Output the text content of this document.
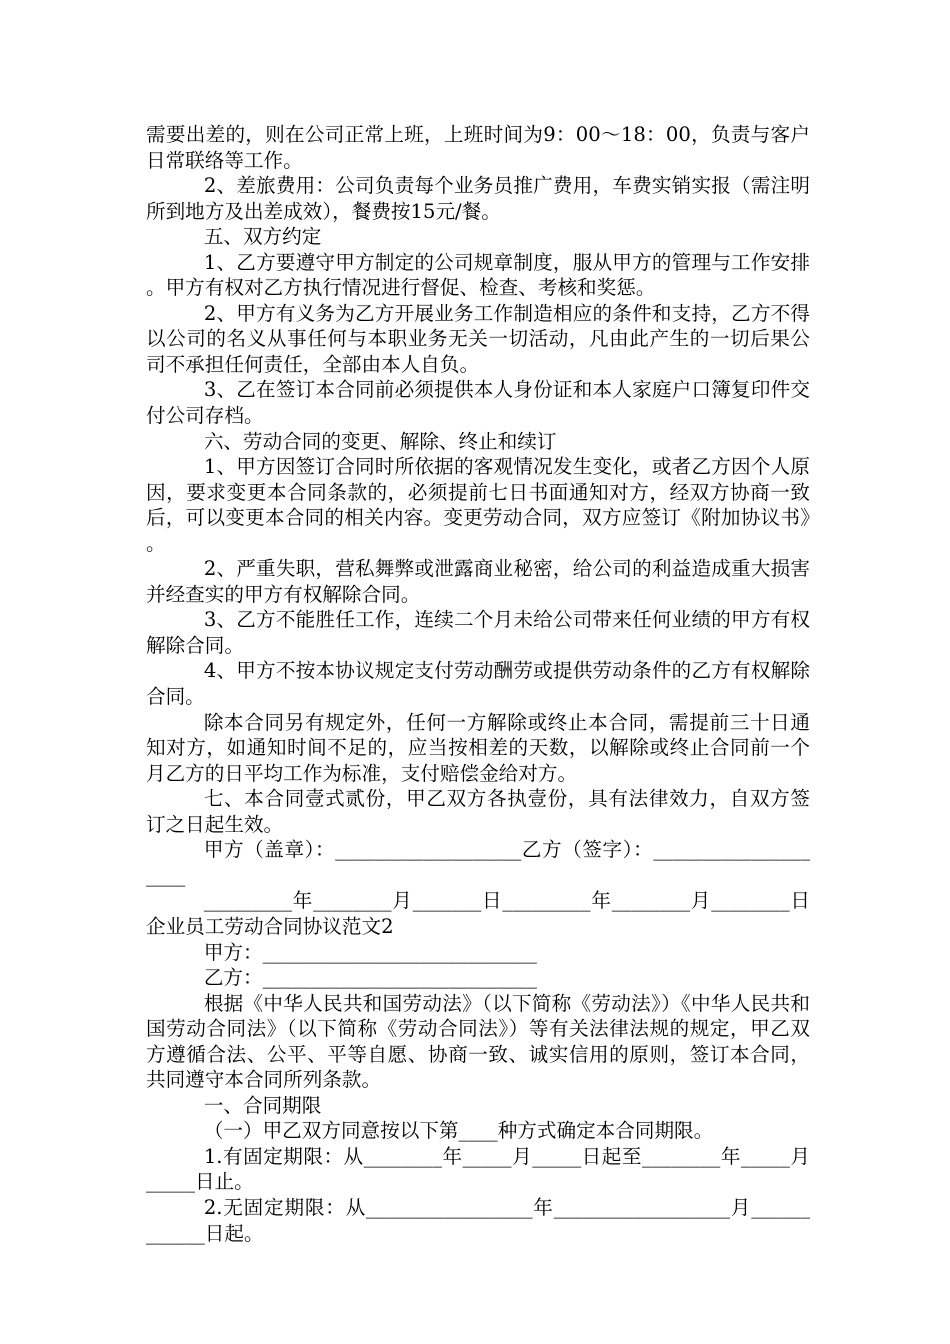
需要出差的，则在公司正常上班，上班时间为9：00～18：00，负责与客户日常联络等工作。

2、差旅费用：公司负责每个业务员推广费用，车费实销实报（需注明所到地方及出差成效），餐费按15元/餐。

五、双方约定

1、乙方要遵守甲方制定的公司规章制度，服从甲方的管理与工作安排。甲方有权对乙方执行情况进行督促、检查、考核和奖惩。

2、甲方有义务为乙方开展业务工作制造相应的条件和支持，乙方不得以公司的名义从事任何与本职业务无关一切活动，凡由此产生的一切后果公司不承担任何责任，全部由本人自负。

3、乙在签订本合同前必须提供本人身份证和本人家庭户口簿复印件交付公司存档。

六、劳动合同的变更、解除、终止和续订

1、甲方因签订合同时所依据的客观情况发生变化，或者乙方因个人原因，要求变更本合同条款的，必须提前七日书面通知对方，经双方协商一致后，可以变更本合同的相关内容。变更劳动合同，双方应签订《附加协议书》。

2、严重失职，营私舞弊或泄露商业秘密，给公司的利益造成重大损害并经查实的甲方有权解除合同。

3、乙方不能胜任工作，连续二个月未给公司带来任何业绩的甲方有权解除合同。

4、甲方不按本协议规定支付劳动酬劳或提供劳动条件的乙方有权解除合同。

除本合同另有规定外，任何一方解除或终止本合同，需提前三十日通知对方，如通知时间不足的，应当按相差的天数，以解除或终止合同前一个月乙方的日平均工作为标准，支付赔偿金给对方。

七、本合同壹式贰份，甲乙双方各执壹份，具有法律效力，自双方签订之日起生效。

甲方（盖章）：___________________乙方（签字）：____________________

_________年________月_______日_________年________月________日　　企业员工劳动合同协议范文2

甲方：____________________________

乙方：____________________________

根据《中华人民共和国劳动法》（以下简称《劳动法》）《中华人民共和国劳动合同法》（以下简称《劳动合同法》）等有关法律法规的规定，甲乙双方遵循合法、公平、平等自愿、协商一致、诚实信用的原则，签订本合同，共同遵守本合同所列条款。

一、合同期限

（一）甲乙双方同意按以下第____种方式确定本合同期限。

1.有固定期限：从________年_____月_____日起至________年_____月_____日止。

2.无固定期限：从_________________年__________________月____________日起。
